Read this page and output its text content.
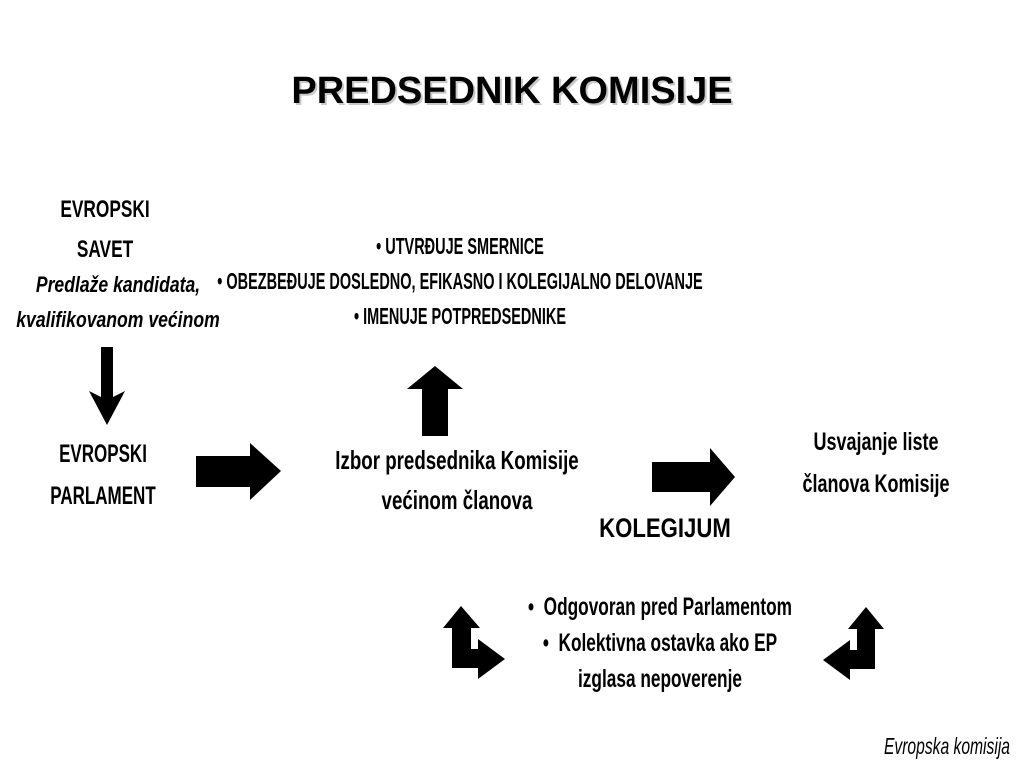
PREDSEDNIK KOMISIJE
EVROPSKI
SAVET
Predlaže kandidata,
kvalifikovanom većinom
• UTVRĐUJE SMERNICE
• OBEZBEĐUJE DOSLEDNO, EFIKASNO I KOLEGIJALNO DELOVANJE
• IMENUJE POTPREDSEDNIKE
EVROPSKI
PARLAMENT
Izbor predsednika Komisije
većinom članova
KOLEGIJUM
Usvajanje liste
članova Komisije
•  Odgovoran pred Parlamentom
•  Kolektivna ostavka ako EP
izglasa nepoverenje
Evropska komisija
